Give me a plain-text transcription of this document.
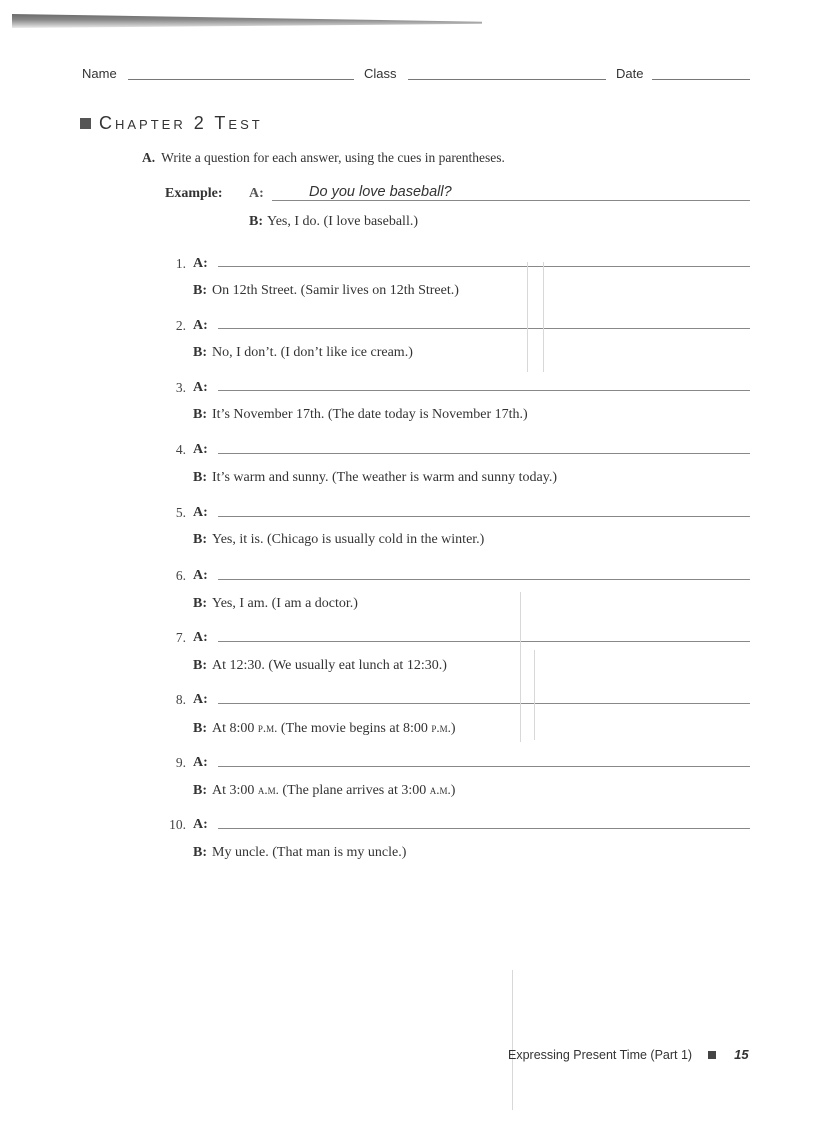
Name	Class	Date
Chapter 2 Test
A. Write a question for each answer, using the cues in parentheses.
Example: A:	Do you love baseball?
B: Yes, I do. (I love baseball.)
1. A:
B: On 12th Street. (Samir lives on 12th Street.)
2. A:
B: No, I don’t. (I don’t like ice cream.)
3. A:
B: It’s November 17th. (The date today is November 17th.)
4. A:
B: It’s warm and sunny. (The weather is warm and sunny today.)
5. A:
B: Yes, it is. (Chicago is usually cold in the winter.)
6. A:
B: Yes, I am. (I am a doctor.)
7. A:
B: At 12:30. (We usually eat lunch at 12:30.)
8. A:
B: At 8:00 p.m. (The movie begins at 8:00 p.m.)
9. A:
B: At 3:00 a.m. (The plane arrives at 3:00 a.m.)
10. A:
B: My uncle. (That man is my uncle.)
Expressing Present Time (Part 1)	15
